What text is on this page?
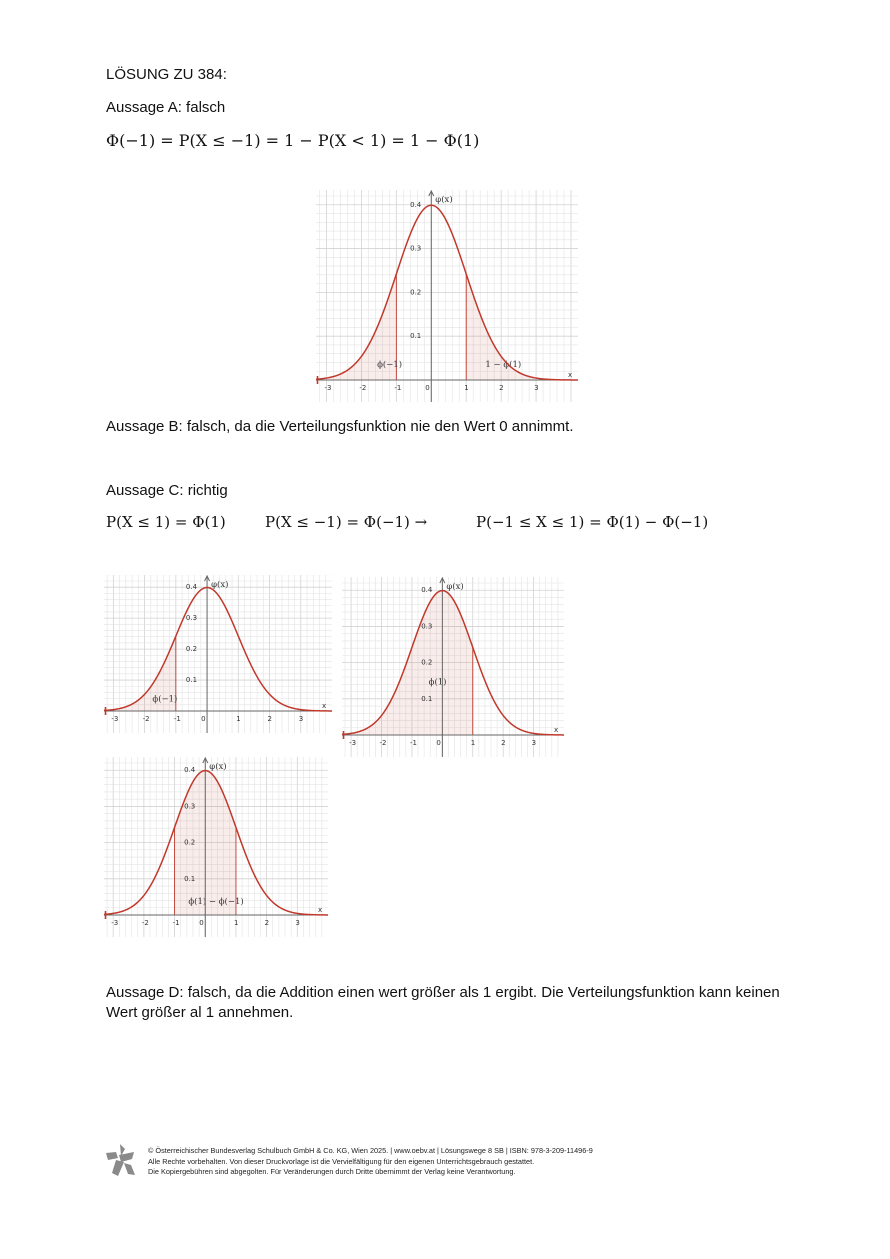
LÖSUNG ZU 384:
Aussage A: falsch
Φ(−1) = P(X ≤ −1) = 1 − P(X < 1) = 1 − Φ(1)
ϕ(−1)	1 − ϕ(1)
-3	-2	-1	0	1	2	3
0.1
0.2
0.3
0.4 φ(x)
x
Aussage B: falsch, da die Verteilungsfunktion nie den Wert 0 annimmt.
Aussage C: richtig
P(X ≤ 1) = Φ(1)	P(X ≤ −1) = Φ(−1) →	P(−1 ≤ X ≤ 1) = Φ(1) − Φ(−1)
ϕ(−1)
-3	-2	-1	0	1	2	3
0.1
0.2
0.3
0.4 φ(x)
x
ϕ(1)
-3	-2	-1	0	1	2	3
0.1
0.2
0.3
0.4 φ(x)
x
ϕ(1) − ϕ(−1)
-3	-2	-1	0	1	2	3
0.1
0.2
0.3
0.4 φ(x)
x
Aussage D: falsch, da die Addition einen wert größer als 1 ergibt. Die Verteilungsfunktion kann keinen
Wert größer al 1 annehmen.
© Österreichischer Bundesverlag Schulbuch GmbH & Co. KG, Wien 2025. | www.oebv.at | Lösungswege 8 SB | ISBN: 978-3-209-11496-9
Alle Rechte vorbehalten. Von dieser Druckvorlage ist die Vervielfältigung für den eigenen Unterrichtsgebrauch gestattet.
Die Kopiergebühren sind abgegolten. Für Veränderungen durch Dritte übernimmt der Verlag keine Verantwortung.
